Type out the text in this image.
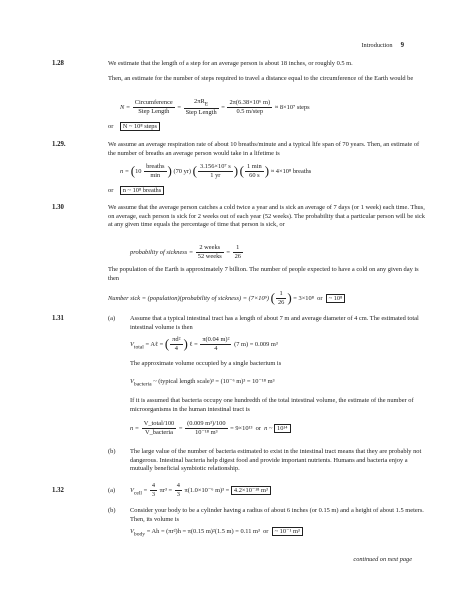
Introduction 9
1.28	We estimate that the length of a step for an average person is about 18 inches, or roughly 0.5 m.
Then, an estimate for the number of steps required to travel a distance equal to the circumference of the Earth would be
$N = \frac{\text{Circumference}}{\text{Step Length}} = \frac{2\pi R_E}{\text{Step Length}} = \frac{\text{2π(6.38×10⁶ m)}}{\text{0.5 m/step}} \approx 8\times 10^7$ steps
or N ~ 10⁸ steps
1.29.	We assume an average respiration rate of about 10 breaths/minute and a typical life span of 70 years. Then, an estimate of the number of breaths an average person would take in a lifetime is
$n = (10 \frac{\text{breaths}}{\min}$ ) (70 yr) ( $\frac{\text{3.156×10⁷ s}}{1 yr}$ ) ( $\frac{1 \min}{60 s}$ ) ≈ 4×10⁸ breaths
or n ~ 10⁸ breaths
1.30	We assume that the average person catches a cold twice a year and is sick an average of 7 days (or 1 week) each time. Thus, on average, each person is sick for 2 weeks out of each year (52 weeks). The probability that a particular person will be sick at any given time equals the percentage of time that person is sick, or
probability of sickness = $\frac{\text{2 weeks}}{\text{52 weeks}} = \frac{1}{26}$
The population of the Earth is approximately 7 billion. The number of people expected to have a cold on any given day is then
Number sick = (population)(probability of sickness) = (7×10⁹) ( $\frac{1}{26}$ ) = 3×10⁸ or ~ 10⁸
1.31	(a) Assume that a typical intestinal tract has a length of about 7 m and average diameter of 4 cm. The estimated total intestinal volume is then
$V_{total}$ = Aℓ = ( $\frac{\text{πd²}}{4}$ ) ℓ = $\frac{\text{π(0.04 m)²}}{4} (7$ m) = 0.009 m³
The approximate volume occupied by a single bacterium is
$V_{bacteria}$ ~ (typical length scale)³ = (10⁻⁶ m)³ = 10⁻¹⁸ m³
If it is assumed that bacteria occupy one hundredth of the total intestinal volume, the estimate of the number of microorganisms in the human intestinal tract is
$n = \frac{\text{V\_total/100}}{\text{V\_bacteria}} = \frac{\text{(0.009 m³)/100}}{\text{10⁻¹⁸ m³}} = 9\times 10^{13}$ or n ~ 10¹⁴
(b) The large value of the number of bacteria estimated to exist in the intestinal tract means that they are probably not dangerous. Intestinal bacteria help digest food and provide important nutrients. Humans and bacteria enjoy a mutually beneficial symbiotic relationship.
1.32	(a) $V_{cell} = \frac{4}{3} \pi r^3 = \frac{4}{3} \pi(1.0\times 10^{-6}$ m)³ = 4.2×10⁻¹⁸ m³
(b) Consider your body to be a cylinder having a radius of about 6 inches (or 0.15 m) and a height of about 1.5 meters. Then, its volume is
$V_{body} = Ah = (\pi r^2)h = \pi(0.15$ m)²(1.5 m) = 0.11 m³ or ~ 10⁻¹ m³
continued on next page
